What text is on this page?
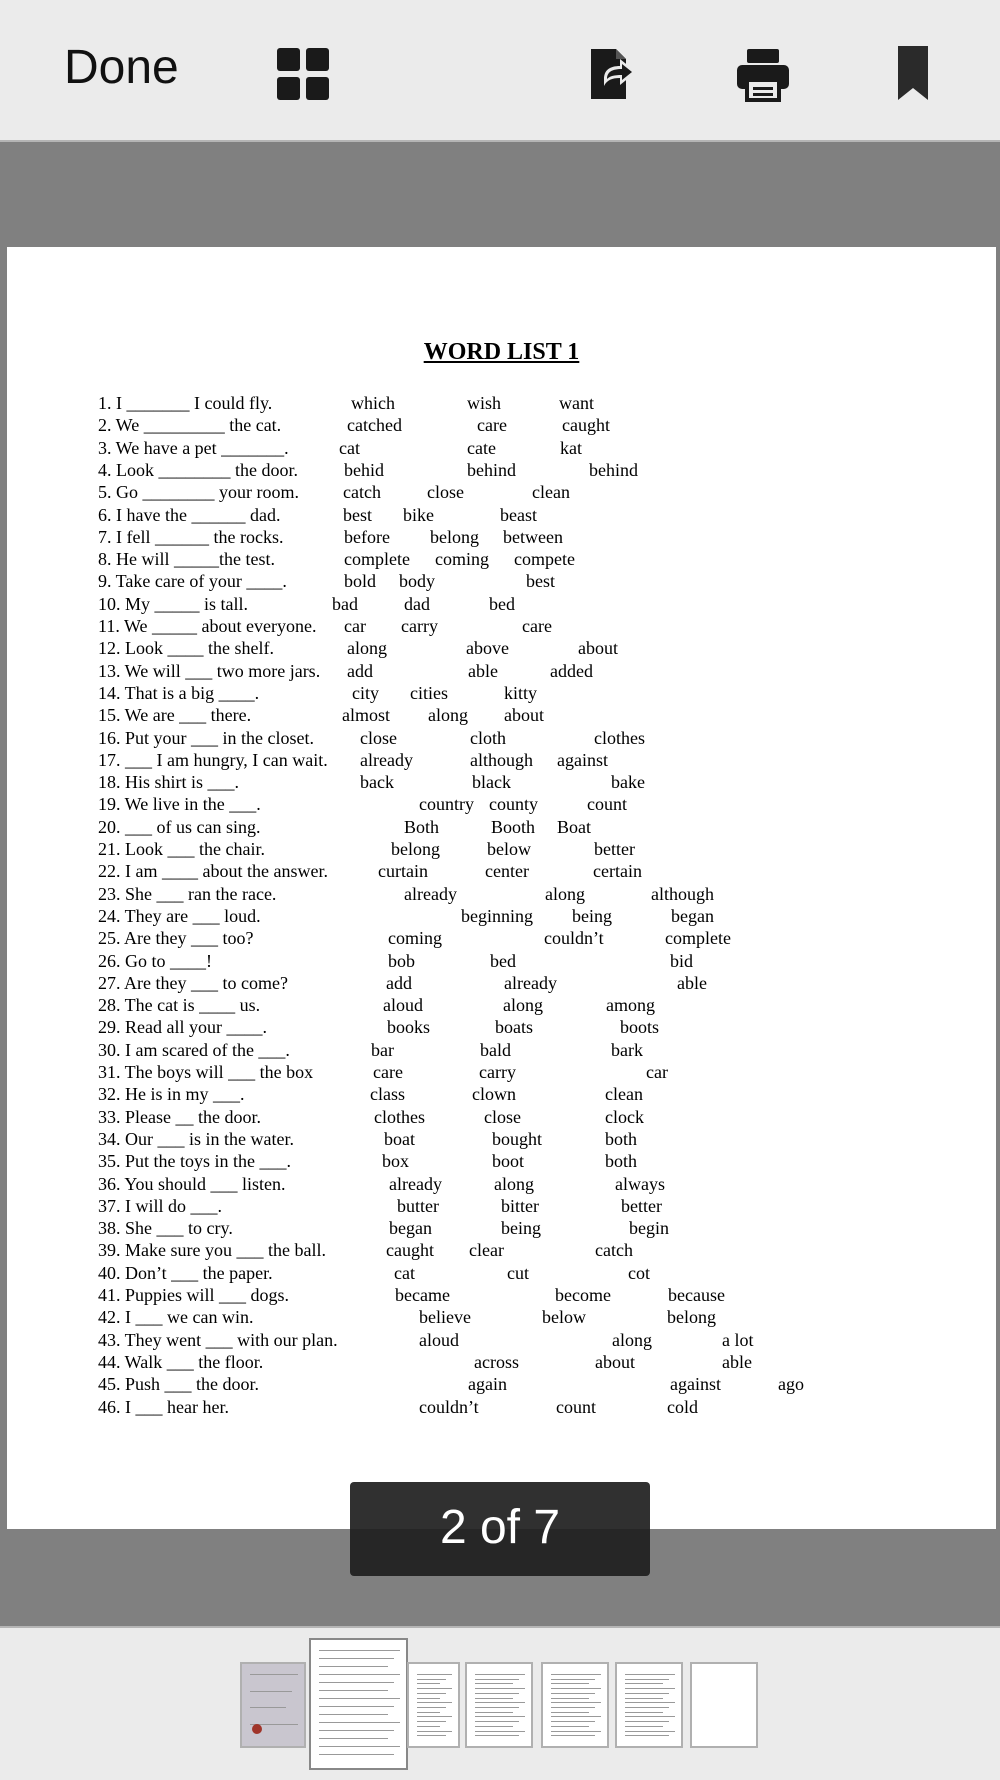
Done
WORD LIST 1
1. I _______ I could fly.	which	wish	want
2. We _________ the cat.	catched	care	caught
3. We have a pet _______.	cat	cate	kat
4. Look ________ the door.	behid	behind	behind
5. Go ________ your room. catch	close	clean
6. I have the ______ dad.	best bike	beast
7. I fell ______ the rocks.	before belong between
8. He will _____the test.	complete coming compete
9. Take care of your ____.	bold body	best
10. My _____ is tall.	bad	dad	bed
11. We _____ about everyone. car carry	care
12. Look ____ the shelf.	along	above	about
13. We will ___ two more jars. add	able	added
14. That is a big ____.	city cities	kitty
15. We are ___ there.	almost along about
16. Put your ___ in the closet.	close	cloth	clothes
17. ___ I am hungry, I can wait. already	although against
18. His shirt is ___.	back	black	bake
19. We live in the ___.	country county	count
20. ___ of us can sing.	Both	Booth Boat
21. Look ___ the chair.	belong	below	better
22. I am ____ about the answer.	curtain	center	certain
23. She ___ ran the race.	already	along	although
24. They are ___ loud.	beginning being	began
25. Are they ___ too?	coming	couldn’t	complete
26. Go to ____!	bob	bed	bid
27. Are they ___ to come?	add	already	able
28. The cat is ____ us.	aloud	along	among
29. Read all your ____.	books	boats	boots
30. I am scared of the ___.	bar	bald	bark
31. The boys will ___ the box	care	carry	car
32. He is in my ___.	class	clown	clean
33. Please __ the door.	clothes	close	clock
34. Our ___ is in the water.	boat	bought	both
35. Put the toys in the ___.	box	boot	both
36. You should ___ listen.	already	along	always
37. I will do ___.	butter	bitter	better
38. She ___ to cry.	began	being	begin
39. Make sure you ___ the ball.	caught clear	catch
40. Don’t ___ the paper.	cat	cut	cot
41. Puppies will ___ dogs.	became	become	because
42. I ___ we can win.	believe	below	belong
43. They went ___ with our plan.	aloud	along	a lot
44. Walk ___ the floor.	across	about	able
45. Push ___ the door.	again	against	ago
46. I ___ hear her.	couldn’t	count	cold
2 of 7
